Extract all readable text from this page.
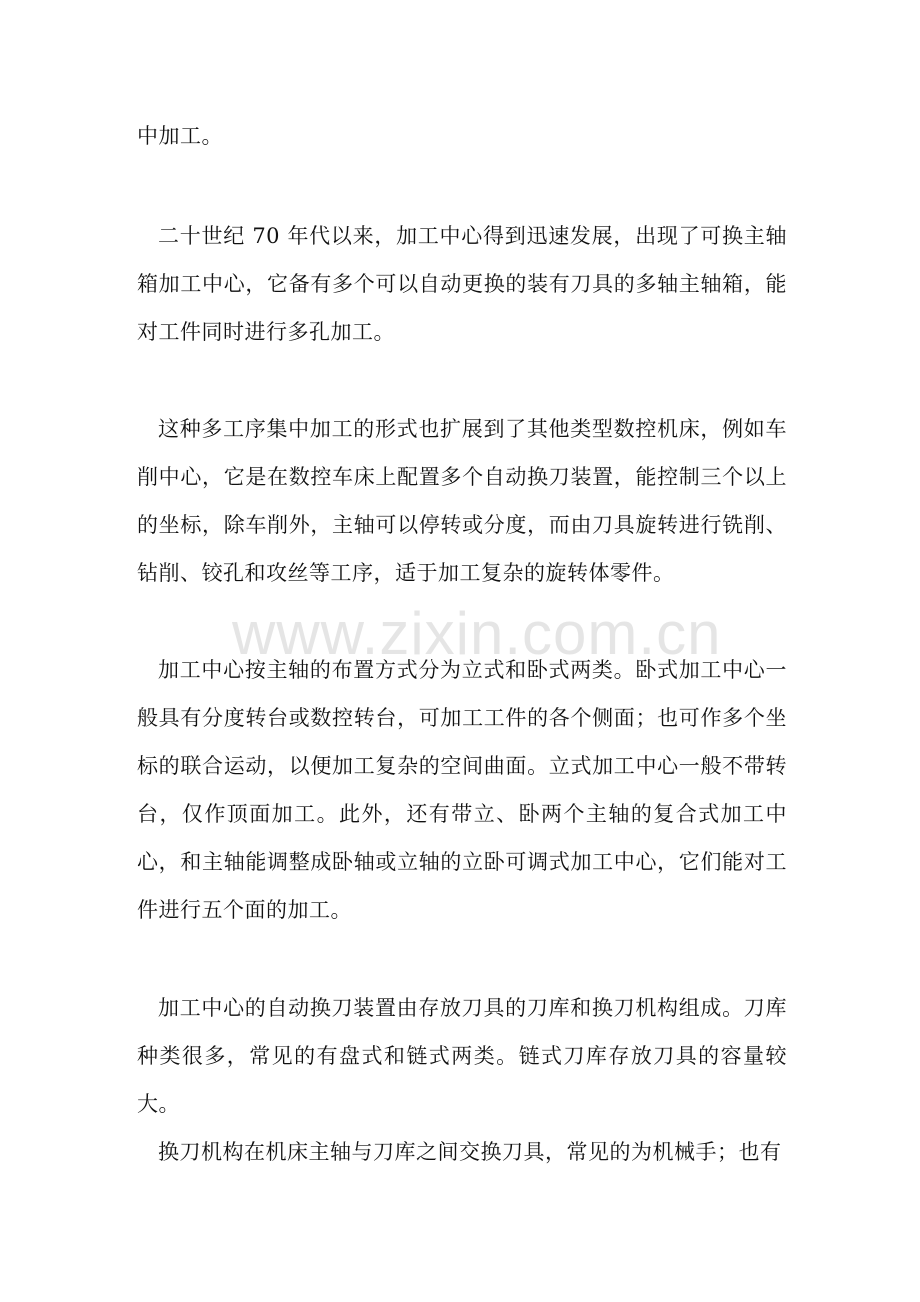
中加工。

二十世纪 70 年代以来，加工中心得到迅速发展，出现了可换主轴箱加工中心，它备有多个可以自动更换的装有刀具的多轴主轴箱，能对工件同时进行多孔加工。

这种多工序集中加工的形式也扩展到了其他类型数控机床，例如车削中心，它是在数控车床上配置多个自动换刀装置，能控制三个以上的坐标，除车削外，主轴可以停转或分度，而由刀具旋转进行铣削、钻削、铰孔和攻丝等工序，适于加工复杂的旋转体零件。

加工中心按主轴的布置方式分为立式和卧式两类。卧式加工中心一般具有分度转台或数控转台，可加工工件的各个侧面；也可作多个坐标的联合运动，以便加工复杂的空间曲面。立式加工中心一般不带转台，仅作顶面加工。此外，还有带立、卧两个主轴的复合式加工中心，和主轴能调整成卧轴或立轴的立卧可调式加工中心，它们能对工件进行五个面的加工。

加工中心的自动换刀装置由存放刀具的刀库和换刀机构组成。刀库种类很多，常见的有盘式和链式两类。链式刀库存放刀具的容量较大。

换刀机构在机床主轴与刀库之间交换刀具，常见的为机械手；也有

www.zixin.com.cn
